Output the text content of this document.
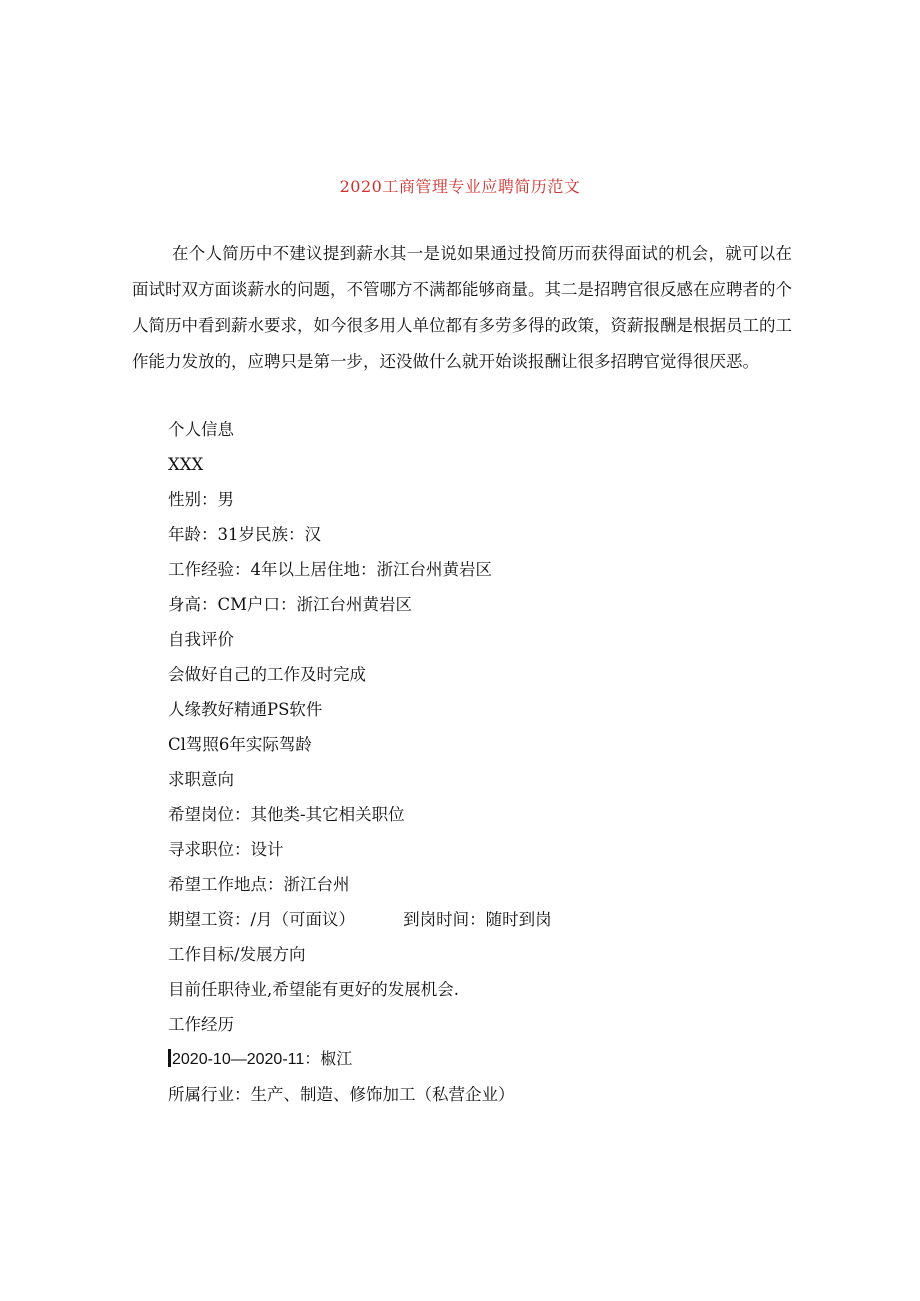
2020工商管理专业应聘简历范文

在个人简历中不建议提到薪水其一是说如果通过投简历而获得面试的机会，就可以在面试时双方面谈薪水的问题，不管哪方不满都能够商量。其二是招聘官很反感在应聘者的个人简历中看到薪水要求，如今很多用人单位都有多劳多得的政策，资薪报酬是根据员工的工作能力发放的，应聘只是第一步，还没做什么就开始谈报酬让很多招聘官觉得很厌恶。

个人信息
XXX
性别：男
年龄：31岁民族：汉
工作经验：4年以上居住地：浙江台州黄岩区
身高：CM户口：浙江台州黄岩区
自我评价
会做好自己的工作及时完成
人缘教好精通PS软件
Cl驾照6年实际驾龄
求职意向
希望岗位：其他类-其它相关职位
寻求职位：设计
希望工作地点：浙江台州
期望工资：/月（可面议）	到岗时间：随时到岗
工作目标/发展方向
目前任职待业,希望能有更好的发展机会.
工作经历
2020-10—2020-11：椒江
所属行业：生产、制造、修饰加工（私营企业）
